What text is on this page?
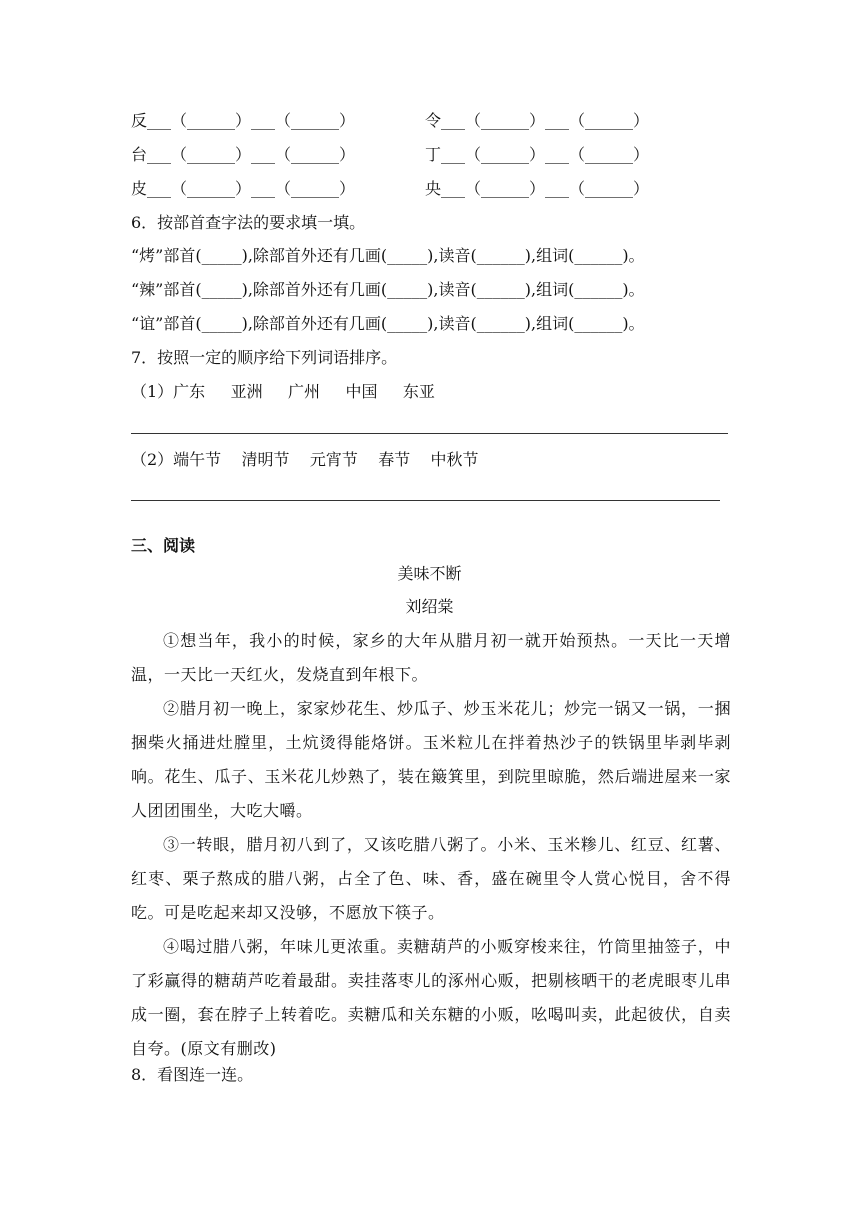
反___（______）___（______）	令___（______）___（______）
台___（______）___（______）	丁___（______）___（______）
皮___（______）___（______）	央___（______）___（______）
6．按部首查字法的要求填一填。
“烤”部首(_____),除部首外还有几画(_____),读音(______),组词(______)。
“辣”部首(_____),除部首外还有几画(_____),读音(______),组词(______)。
“谊”部首(_____),除部首外还有几画(_____),读音(______),组词(______)。
7．按照一定的顺序给下列词语排序。
（1）广东     亚洲     广州     中国     东亚
（2）端午节    清明节    元宵节    春节    中秋节
三、阅读
美味不断
刘绍棠
①想当年，我小的时候，家乡的大年从腊月初一就开始预热。一天比一天增温，一天比一天红火，发烧直到年根下。
②腊月初一晚上，家家炒花生、炒瓜子、炒玉米花儿；炒完一锅又一锅，一捆捆柴火捅进灶膛里，土炕烫得能烙饼。玉米粒儿在拌着热沙子的铁锅里毕剥毕剥响。花生、瓜子、玉米花儿炒熟了，装在簸箕里，到院里晾脆，然后端进屋来一家人团团围坐，大吃大嚼。
③一转眼，腊月初八到了，又该吃腊八粥了。小米、玉米糁儿、红豆、红薯、红枣、栗子熬成的腊八粥，占全了色、味、香，盛在碗里令人赏心悦目，舍不得吃。可是吃起来却又没够，不愿放下筷子。
④喝过腊八粥，年味儿更浓重。卖糖葫芦的小贩穿梭来往，竹筒里抽签子，中了彩赢得的糖葫芦吃着最甜。卖挂落枣儿的涿州心贩，把剔核晒干的老虎眼枣儿串成一圈，套在脖子上转着吃。卖糖瓜和关东糖的小贩，吆喝叫卖，此起彼伏，自卖自夸。(原文有删改)
8．看图连一连。
